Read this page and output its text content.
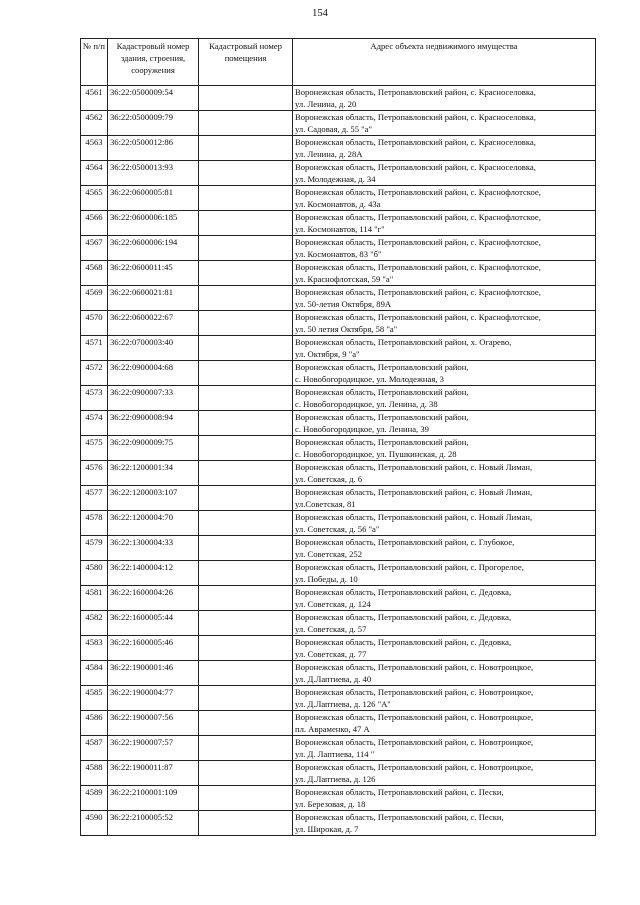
154
№ п/п	Кадастровый номер здания, строения, сооружения	Кадастровый номер помещения	Адрес объекта недвижимого имущества
4561	36:22:0500009:54		Воронежская область, Петропавловский район, с. Красноселовка,
ул. Ленина, д. 20

4562	36:22:0500009:79		Воронежская область, Петропавловский район, с. Красноселовка,
ул. Садовая, д. 55 "а"

4563	36:22:0500012:86		Воронежская область, Петропавловский район, с. Красноселовка,
ул. Ленина, д. 28А

4564	36:22:0500013:93		Воронежская область, Петропавловский район, с. Красноселовка,
ул. Молодежная, д. 34

4565	36:22:0600005:81		Воронежская область, Петропавловский район, с. Краснофлотское,
ул. Космонавтов, д. 43а

4566	36:22:0600006:185		Воронежская область, Петропавловский район, с. Краснофлотское,
ул. Космонавтов, 114 "г"

4567	36:22:0600006:194		Воронежская область, Петропавловский район, с. Краснофлотское,
ул. Космонавтов, 83 "б"

4568	36:22:0600011:45		Воронежская область, Петропавловский район, с. Краснофлотское,
ул. Краснофлотская, 59 "а"

4569	36:22:0600021:81		Воронежская область, Петропавловский район, с. Краснофлотское,
ул. 50-летия Октября, 89А

4570	36:22:0600022:67		Воронежская область, Петропавловский район, с. Краснофлотское,
ул. 50 летия Октября, 58 "а"

4571	36:22:0700003:40		Воронежская область, Петропавловский район, х. Огарево,
ул. Октября, 9 "а"

4572	36:22:0900004:68		Воронежская область, Петропавловский район,
с. Новобогородицкое, ул. Молодежная, 3

4573	36:22:0900007:33		Воронежская область, Петропавловский район,
с. Новобогородицкое, ул. Ленина, д. 38

4574	36:22:0900008:94		Воронежская область, Петропавловский район,
с. Новобогородицкое, ул. Ленина, 39

4575	36:22:0900009:75		Воронежская область, Петропавловский район,
с. Новобогородицкое, ул. Пушкинская, д. 28

4576	36:22:1200001:34		Воронежская область, Петропавловский район, с. Новый Лиман,
ул. Советская, д. 6

4577	36:22:1200003:107		Воронежская область, Петропавловский район, с. Новый Лиман,
ул.Советская, 81

4578	36:22:1200004:70		Воронежская область, Петропавловский район, с. Новый Лиман,
ул. Советская, д. 56 "а"

4579	36:22:1300004:33		Воронежская область, Петропавловский район, с. Глубокое,
ул. Советская, 252

4580	36:22:1400004:12		Воронежская область, Петропавловский район, с. Прогорелое,
ул. Победы, д. 10

4581	36:22:1600004:26		Воронежская область, Петропавловский район, с. Дедовка,
ул. Советская, д. 124

4582	36:22:1600005:44		Воронежская область, Петропавловский район, с. Дедовка,
ул. Советская, д. 57

4583	36:22:1600005:46		Воронежская область, Петропавловский район, с. Дедовка,
ул. Советская, д. 77

4584	36:22:1900001:46		Воронежская область, Петропавловский район, с. Новотроицкое,
ул. Д.Лаптиева, д. 40

4585	36:22:1900004:77		Воронежская область, Петропавловский район, с. Новотроицкое,
ул. Д.Лаптиева, д. 126 "А"

4586	36:22:1900007:56		Воронежская область, Петропавловский район, с. Новотроицкое,
пл. Авраменко, 47 А

4587	36:22:1900007:57		Воронежская область, Петропавловский район, с. Новотроицкое,
ул. Д. Лаптиева, 114 "

4588	36:22:1900011:87		Воронежская область, Петропавловский район, с. Новотроицкое,
ул. Д.Лаптиева, д. 126

4589	36:22:2100001:109		Воронежская область, Петропавловский район, с. Пески,
ул. Березовая, д. 18

4590	36:22:2100005:52		Воронежская область, Петропавловский район, с. Пески,
ул. Широкая, д. 7
